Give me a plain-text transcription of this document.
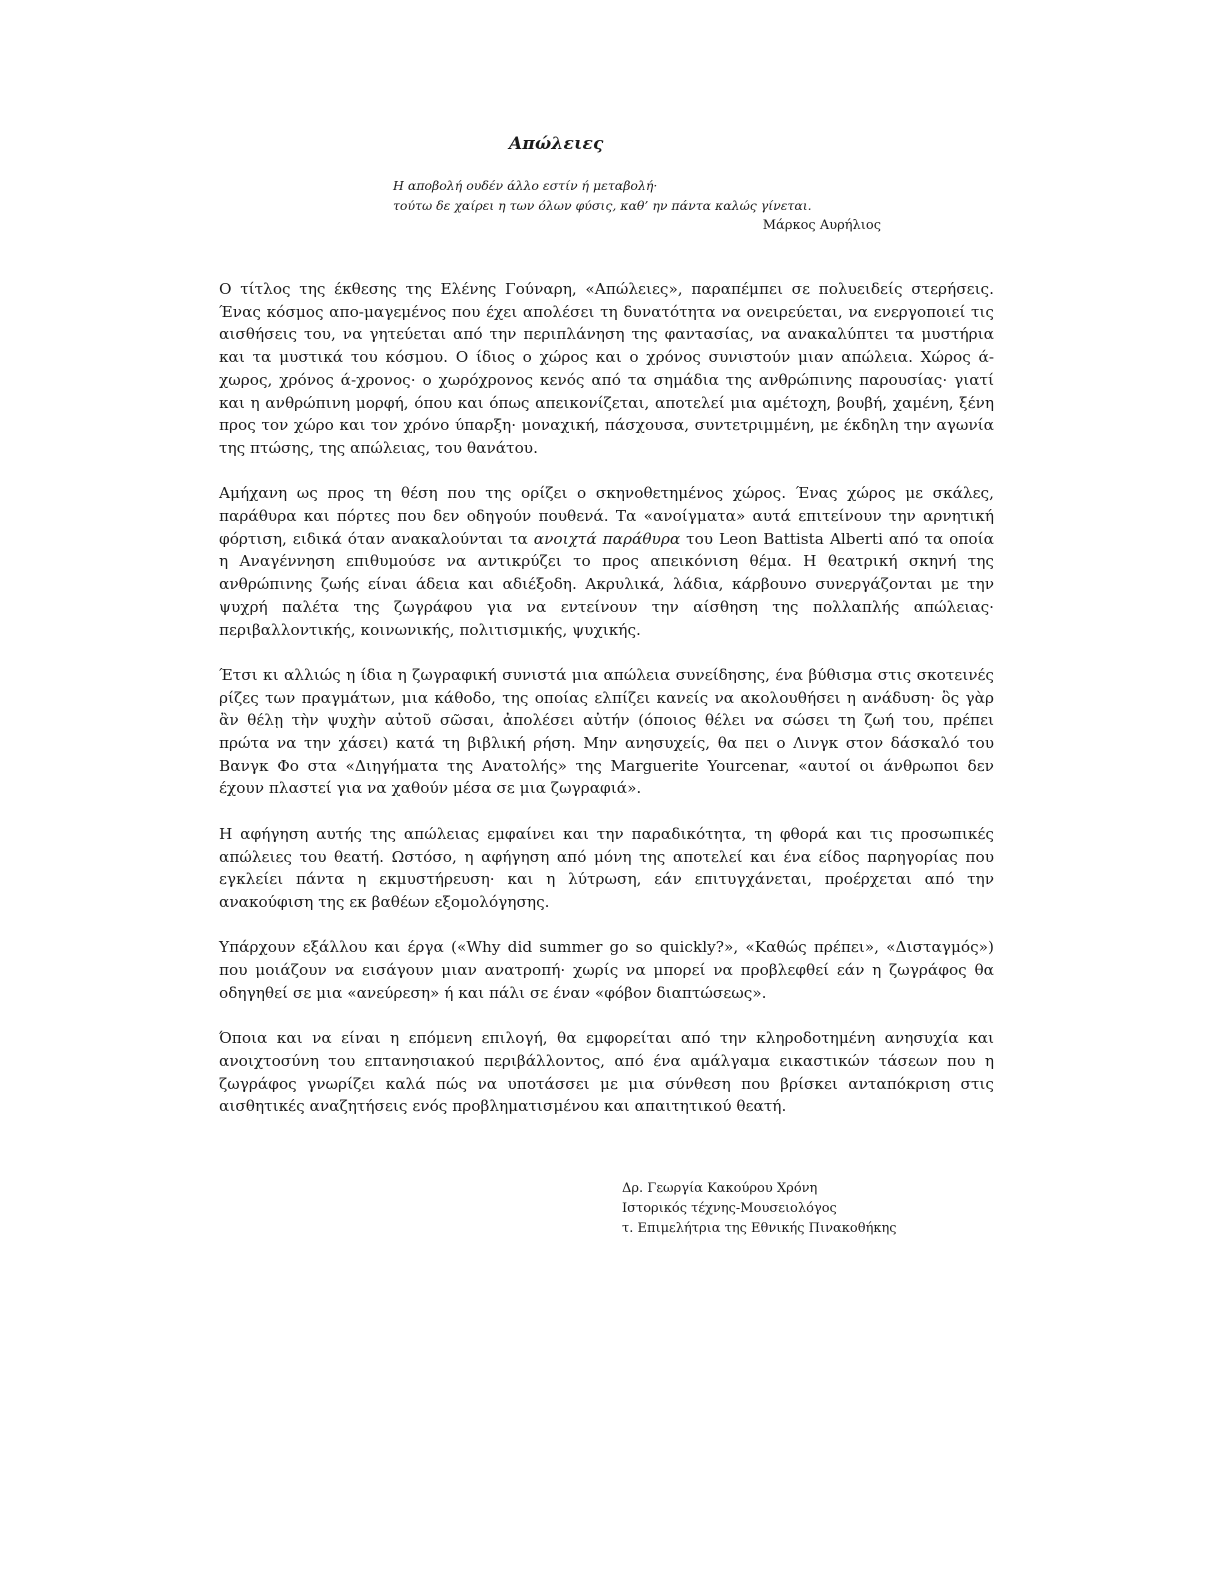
Απώλειες
Η αποβολή ουδέν άλλο εστίν ή μεταβολή·
τούτω δε χαίρει η των όλων φύσις, καθ’ ην πάντα καλώς γίνεται.
Μάρκος Αυρήλιος

Ο τίτλος της έκθεσης της Ελένης Γούναρη, «Απώλειες», παραπέμπει σε πολυειδείς στερήσεις. Ένας κόσμος απο-μαγεμένος που έχει απολέσει τη δυνατότητα να ονειρεύεται, να ενεργοποιεί τις αισθήσεις του, να γητεύεται από την περιπλάνηση της φαντασίας, να ανακαλύπτει τα μυστήρια και τα μυστικά του κόσμου. Ο ίδιος ο χώρος και ο χρόνος συνιστούν μιαν απώλεια. Χώρος ά-χωρος, χρόνος ά-χρονος· ο χωρόχρονος κενός από τα σημάδια της ανθρώπινης παρουσίας· γιατί και η ανθρώπινη μορφή, όπου και όπως απεικονίζεται, αποτελεί μια αμέτοχη, βουβή, χαμένη, ξένη προς τον χώρο και τον χρόνο ύπαρξη· μοναχική, πάσχουσα, συντετριμμένη, με έκδηλη την αγωνία της πτώσης, της απώλειας, του θανάτου.

Αμήχανη ως προς τη θέση που της ορίζει ο σκηνοθετημένος χώρος. Ένας χώρος με σκάλες, παράθυρα και πόρτες που δεν οδηγούν πουθενά. Τα «ανοίγματα» αυτά επιτείνουν την αρνητική φόρτιση, ειδικά όταν ανακαλούνται τα ανοιχτά παράθυρα του Leon Battista Alberti από τα οποία η Αναγέννηση επιθυμούσε να αντικρύζει το προς απεικόνιση θέμα. Η θεατρική σκηνή της ανθρώπινης ζωής είναι άδεια και αδιέξοδη. Ακρυλικά, λάδια, κάρβουνο συνεργάζονται με την ψυχρή παλέτα της ζωγράφου για να εντείνουν την αίσθηση της πολλαπλής απώλειας· περιβαλλοντικής, κοινωνικής, πολιτισμικής, ψυχικής.

Έτσι κι αλλιώς η ίδια η ζωγραφική συνιστά μια απώλεια συνείδησης, ένα βύθισμα στις σκοτεινές ρίζες των πραγμάτων, μια κάθοδο, της οποίας ελπίζει κανείς να ακολουθήσει η ανάδυση· ὃς γὰρ ἂν θέλῃ τὴν ψυχὴν αὐτοῦ σῶσαι, ἀπολέσει αὐτήν (όποιος θέλει να σώσει τη ζωή του, πρέπει πρώτα να την χάσει) κατά τη βιβλική ρήση. Μην ανησυχείς, θα πει ο Λινγκ στον δάσκαλό του Βανγκ Φο στα «Διηγήματα της Ανατολής» της Marguerite Yourcenar, «αυτοί οι άνθρωποι δεν έχουν πλαστεί για να χαθούν μέσα σε μια ζωγραφιά».

Η αφήγηση αυτής της απώλειας εμφαίνει και την παραδικότητα, τη φθορά και τις προσωπικές απώλειες του θεατή. Ωστόσο, η αφήγηση από μόνη της αποτελεί και ένα είδος παρηγορίας που εγκλείει πάντα η εκμυστήρευση· και η λύτρωση, εάν επιτυγχάνεται, προέρχεται από την ανακούφιση της εκ βαθέων εξομολόγησης.

Υπάρχουν εξάλλου και έργα («Why did summer go so quickly?», «Καθώς πρέπει», «Δισταγμός») που μοιάζουν να εισάγουν μιαν ανατροπή· χωρίς να μπορεί να προβλεφθεί εάν η ζωγράφος θα οδηγηθεί σε μια «ανεύρεση» ή και πάλι σε έναν «φόβον διαπτώσεως».

Όποια και να είναι η επόμενη επιλογή, θα εμφορείται από την κληροδοτημένη ανησυχία και ανοιχτοσύνη του επτανησιακού περιβάλλοντος, από ένα αμάλγαμα εικαστικών τάσεων που η ζωγράφος γνωρίζει καλά πώς να υποτάσσει με μια σύνθεση που βρίσκει ανταπόκριση στις αισθητικές αναζητήσεις ενός προβληματισμένου και απαιτητικού θεατή.

Δρ. Γεωργία Κακούρου Χρόνη
Ιστορικός τέχνης-Μουσειολόγος
τ. Επιμελήτρια της Εθνικής Πινακοθήκης
